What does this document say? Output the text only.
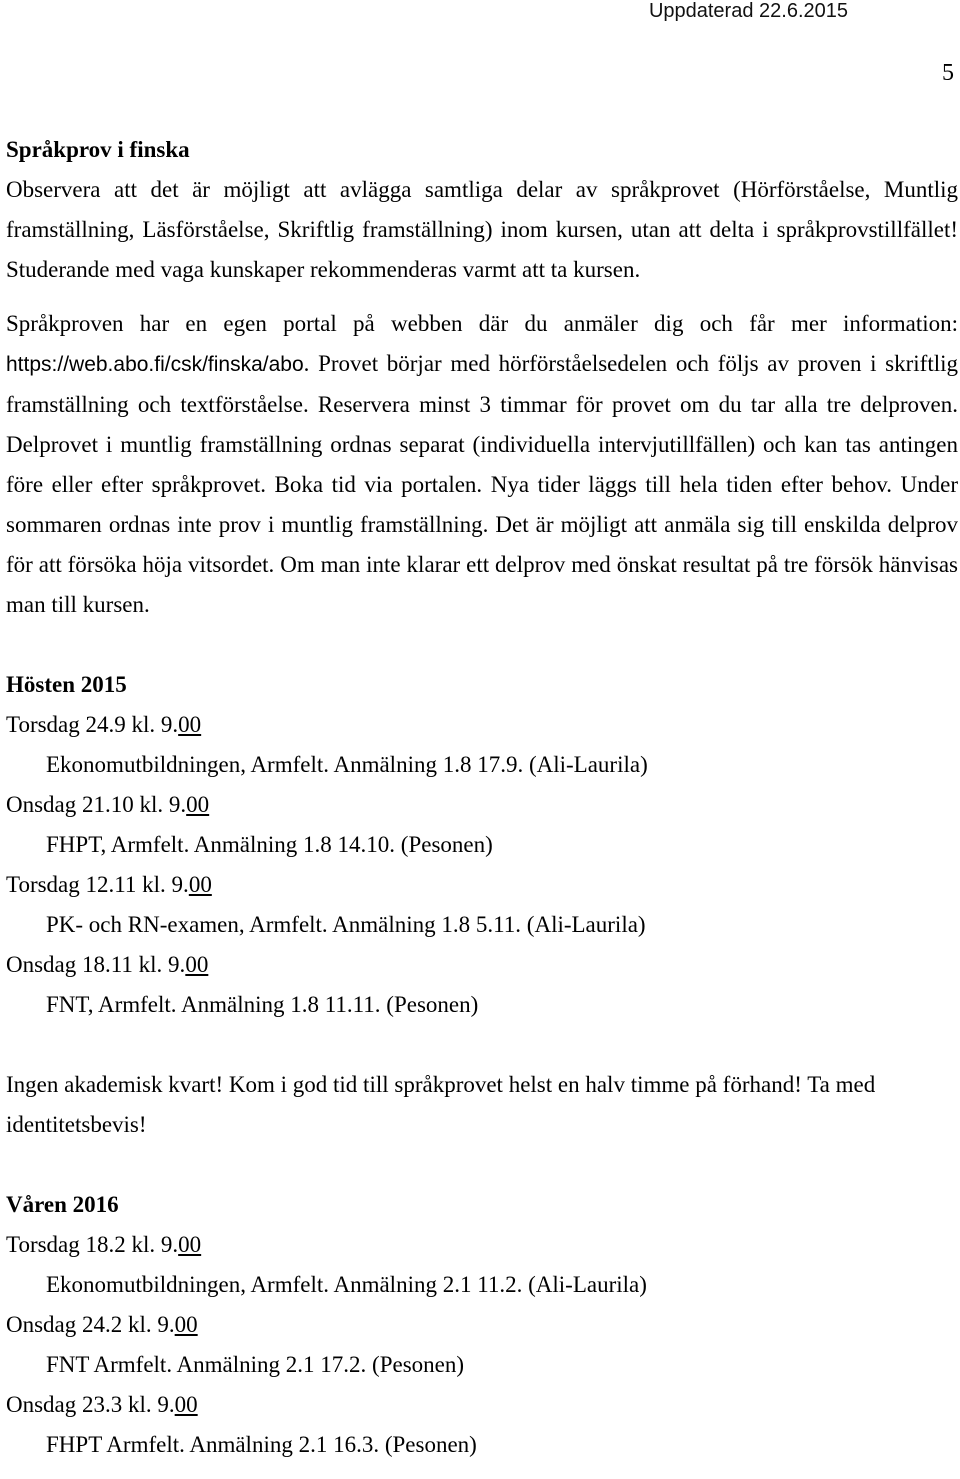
Uppdaterad 22.6.2015
5
Språkprov i finska

Observera att det är möjligt att avlägga samtliga delar av språkprovet (Hörförståelse, Muntlig framställning, Läsförståelse, Skriftlig framställning) inom kursen, utan att delta i språkprovstillfället! Studerande med vaga kunskaper rekommenderas varmt att ta kursen.

Språkproven har en egen portal på webben där du anmäler dig och får mer information: https://web.abo.fi/csk/finska/abo. Provet börjar med hörförståelsedelen och följs av proven i skriftlig framställning och textförståelse. Reservera minst 3 timmar för provet om du tar alla tre delproven. Delprovet i muntlig framställning ordnas separat (individuella intervjutillfällen) och kan tas antingen före eller efter språkprovet. Boka tid via portalen. Nya tider läggs till hela tiden efter behov. Under sommaren ordnas inte prov i muntlig framställning. Det är möjligt att anmäla sig till enskilda delprov för att försöka höja vitsordet. Om man inte klarar ett delprov med önskat resultat på tre försök hänvisas man till kursen.

Hösten 2015
Torsdag 24.9 kl. 9.00
Ekonomutbildningen, Armfelt. Anmälning 1.8 17.9. (Ali-Laurila)
Onsdag 21.10 kl. 9.00
FHPT, Armfelt. Anmälning 1.8 14.10. (Pesonen)
Torsdag 12.11 kl. 9.00
PK- och RN-examen, Armfelt. Anmälning 1.8 5.11. (Ali-Laurila)
Onsdag 18.11 kl. 9.00
FNT, Armfelt. Anmälning 1.8 11.11. (Pesonen)

Ingen akademisk kvart! Kom i god tid till språkprovet helst en halv timme på förhand! Ta med identitetsbevis!

Våren 2016
Torsdag 18.2 kl. 9.00
Ekonomutbildningen, Armfelt. Anmälning 2.1 11.2. (Ali-Laurila)
Onsdag 24.2 kl. 9.00
FNT Armfelt. Anmälning 2.1 17.2. (Pesonen)
Onsdag 23.3 kl. 9.00
FHPT Armfelt. Anmälning 2.1 16.3. (Pesonen)
